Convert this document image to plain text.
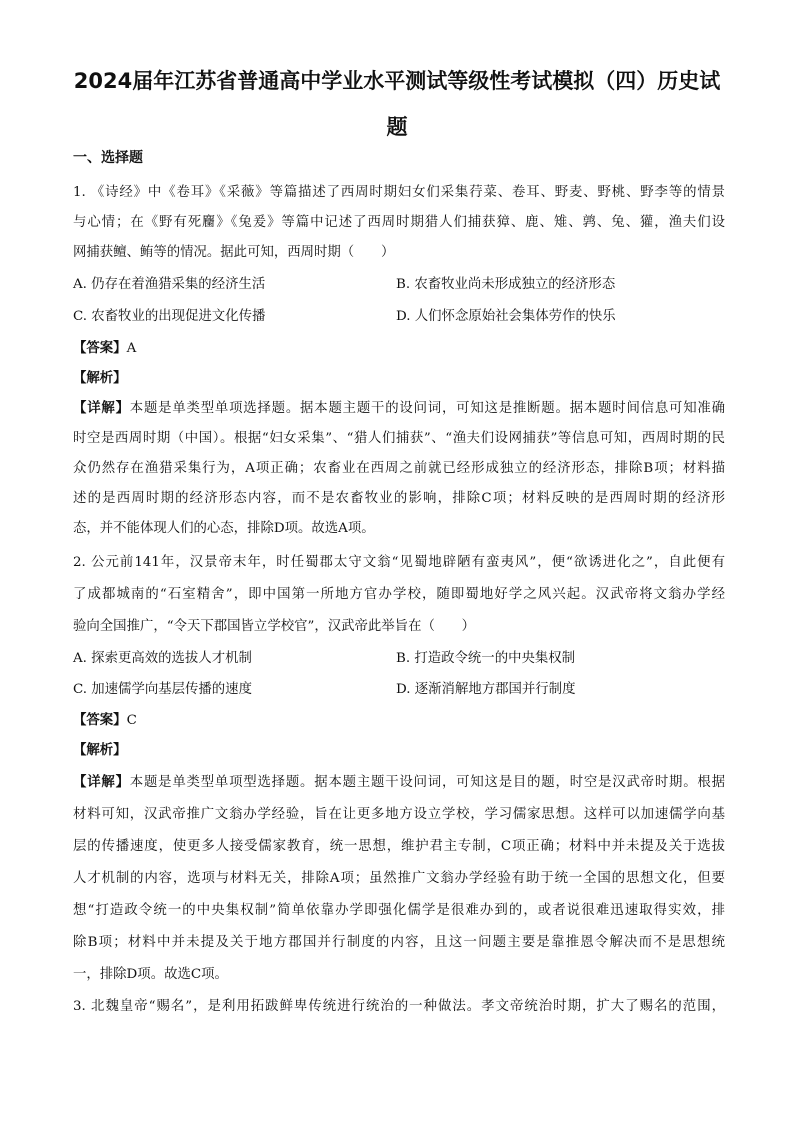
2024届年江苏省普通高中学业水平测试等级性考试模拟（四）历史试
题
一、选择题
1. 《诗经》中《卷耳》《采薇》等篇描述了西周时期妇女们采集荇菜、卷耳、野麦、野桃、野李等的情景
与心情；在《野有死麕》《兔爰》等篇中记述了西周时期猎人们捕获獐、鹿、雉、鹑、兔、獾，渔夫们设
网捕获鳣、鲔等的情况。据此可知，西周时期（　　）
A. 仍存在着渔猎采集的经济生活	B. 农畜牧业尚未形成独立的经济形态
C. 农畜牧业的出现促进文化传播	D. 人们怀念原始社会集体劳作的快乐
【答案】A
【解析】
【详解】本题是单类型单项选择题。据本题主题干的设问词，可知这是推断题。据本题时间信息可知准确
时空是西周时期（中国）。根据“妇女采集”、“猎人们捕获”、“渔夫们设网捕获”等信息可知，西周时期的民
众仍然存在渔猎采集行为，A项正确；农畜业在西周之前就已经形成独立的经济形态，排除B项；材料描
述的是西周时期的经济形态内容，而不是农畜牧业的影响，排除C项；材料反映的是西周时期的经济形
态，并不能体现人们的心态，排除D项。故选A项。
2. 公元前141年，汉景帝末年，时任蜀郡太守文翁“见蜀地辟陋有蛮夷风”，便“欲诱进化之”，自此便有
了成都城南的“石室精舍”，即中国第一所地方官办学校，随即蜀地好学之风兴起。汉武帝将文翁办学经
验向全国推广，“令天下郡国皆立学校官”，汉武帝此举旨在（　　）
A. 探索更高效的选拔人才机制	B. 打造政令统一的中央集权制
C. 加速儒学向基层传播的速度	D. 逐渐消解地方郡国并行制度
【答案】C
【解析】
【详解】本题是单类型单项型选择题。据本题主题干设问词，可知这是目的题，时空是汉武帝时期。根据
材料可知，汉武帝推广文翁办学经验，旨在让更多地方设立学校，学习儒家思想。这样可以加速儒学向基
层的传播速度，使更多人接受儒家教育，统一思想，维护君主专制，C项正确；材料中并未提及关于选拔
人才机制的内容，选项与材料无关，排除A项；虽然推广文翁办学经验有助于统一全国的思想文化，但要
想“打造政令统一的中央集权制”简单依靠办学即强化儒学是很难办到的，或者说很难迅速取得实效，排
除B项；材料中并未提及关于地方郡国并行制度的内容，且这一问题主要是靠推恩令解决而不是思想统
一，排除D项。故选C项。
3. 北魏皇帝“赐名”，是利用拓跋鲜卑传统进行统治的一种做法。孝文帝统治时期，扩大了赐名的范围，
